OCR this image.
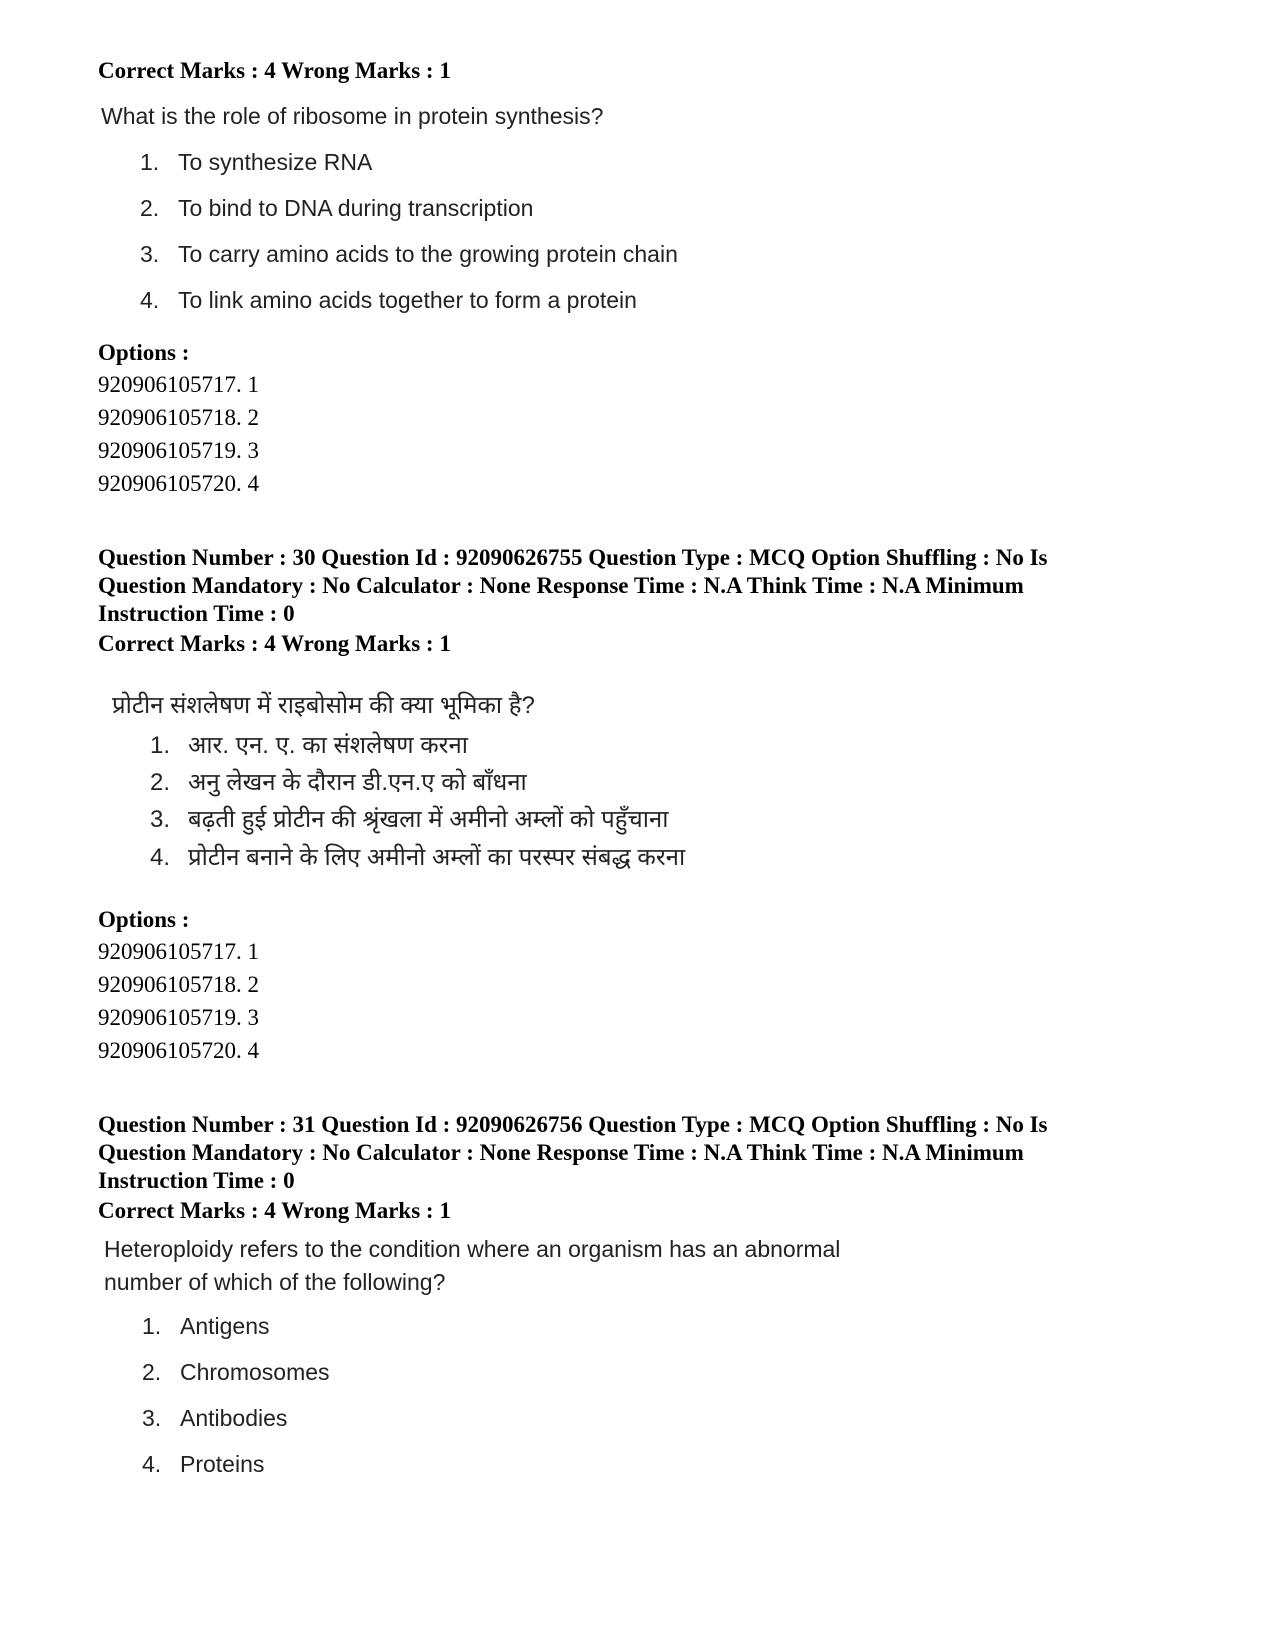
Correct Marks : 4 Wrong Marks : 1
What is the role of ribosome in protein synthesis?
1. To synthesize RNA
2. To bind to DNA during transcription
3. To carry amino acids to the growing protein chain
4. To link amino acids together to form a protein
Options :
920906105717. 1
920906105718. 2
920906105719. 3
920906105720. 4
Question Number : 30 Question Id : 92090626755 Question Type : MCQ Option Shuffling : No Is
Question Mandatory : No Calculator : None Response Time : N.A Think Time : N.A Minimum
Instruction Time : 0
Correct Marks : 4 Wrong Marks : 1
प्रोटीन संशलेषण में राइबोसोम की क्या भूमिका है?
1. आर. एन. ए. का संशलेषण करना
2. अनु लेखन के दौरान डी.एन.ए को बाँधना
3. बढ़ती हुई प्रोटीन की श्रृंखला में अमीनो अम्लों को पहुँचाना
4. प्रोटीन बनाने के लिए अमीनो अम्लों का परस्पर संबद्ध करना
Options :
920906105717. 1
920906105718. 2
920906105719. 3
920906105720. 4
Question Number : 31 Question Id : 92090626756 Question Type : MCQ Option Shuffling : No Is
Question Mandatory : No Calculator : None Response Time : N.A Think Time : N.A Minimum
Instruction Time : 0
Correct Marks : 4 Wrong Marks : 1
Heteroploidy refers to the condition where an organism has an abnormal
number of which of the following?
1. Antigens
2. Chromosomes
3. Antibodies
4. Proteins
